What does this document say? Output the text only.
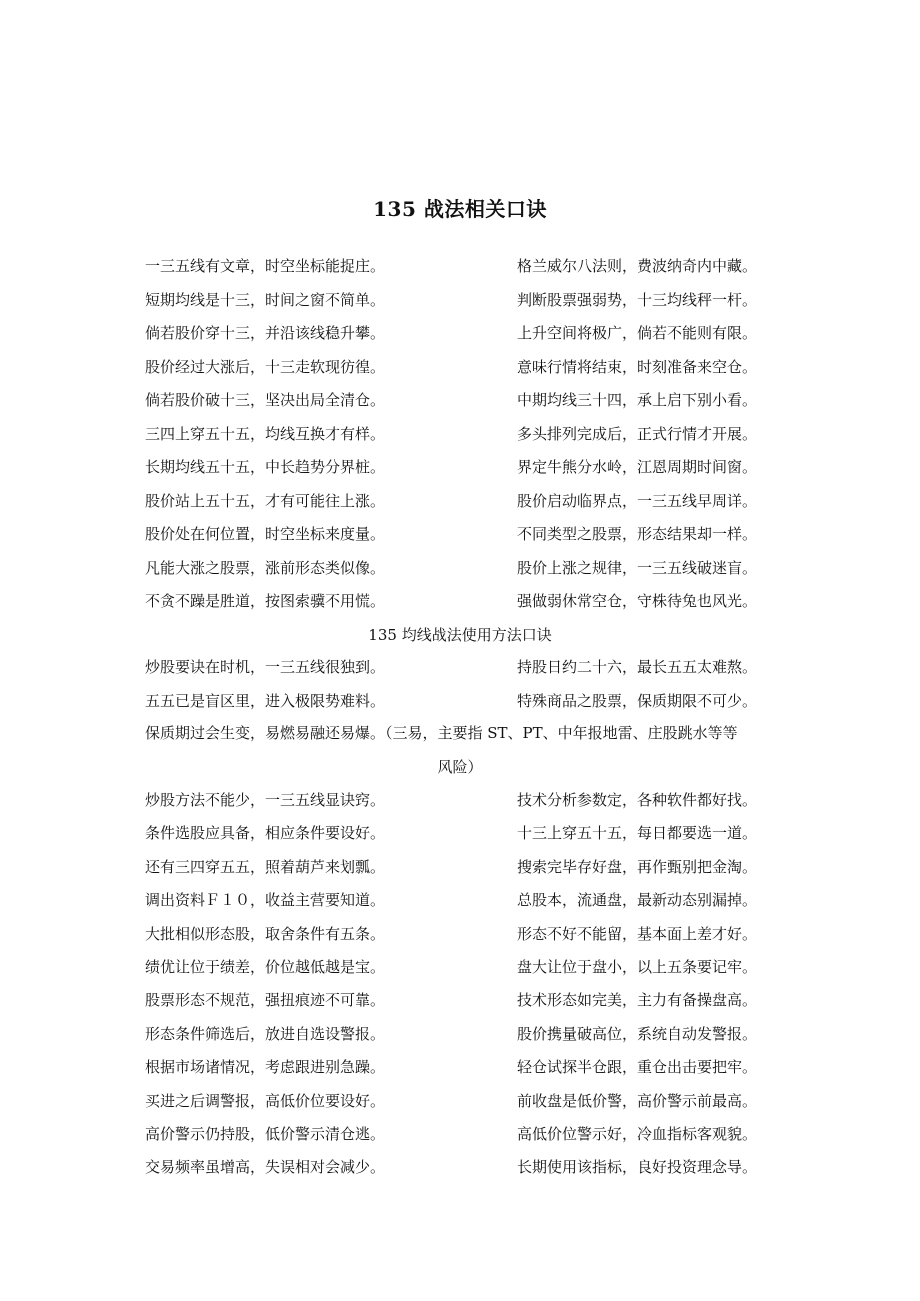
135 战法相关口诀
一三五线有文章，时空坐标能捉庄。	格兰威尔八法则，费波纳奇内中藏。
短期均线是十三，时间之窗不简单。	判断股票强弱势，十三均线秤一杆。
倘若股价穿十三，并沿该线稳升攀。	上升空间将极广，倘若不能则有限。
股价经过大涨后，十三走软现彷徨。	意味行情将结束，时刻准备来空仓。
倘若股价破十三，坚决出局全清仓。	中期均线三十四，承上启下别小看。
三四上穿五十五，均线互换才有样。	多头排列完成后，正式行情才开展。
长期均线五十五，中长趋势分界桩。	界定牛熊分水岭，江恩周期时间窗。
股价站上五十五，才有可能往上涨。	股价启动临界点，一三五线早周详。
股价处在何位置，时空坐标来度量。	不同类型之股票，形态结果却一样。
凡能大涨之股票，涨前形态类似像。	股价上涨之规律，一三五线破迷盲。
不贪不躁是胜道，按图索骥不用慌。	强做弱休常空仓，守株待兔也风光。
135 均线战法使用方法口诀
炒股要诀在时机，一三五线很独到。	持股日约二十六，最长五五太难熬。
五五已是盲区里，进入极限势难料。	特殊商品之股票，保质期限不可少。
保质期过会生变，易燃易融还易爆。（三易，主要指 ST、PT、中年报地雷、庄股跳水等等
风险）
炒股方法不能少，一三五线显诀窍。	技术分析参数定，各种软件都好找。
条件选股应具备，相应条件要设好。	十三上穿五十五，每日都要选一道。
还有三四穿五五，照着葫芦来划瓢。	搜索完毕存好盘，再作甄别把金淘。
调出资料Ｆ１０，收益主营要知道。	总股本，流通盘，最新动态别漏掉。
大批相似形态股，取舍条件有五条。	形态不好不能留，基本面上差才好。
绩优让位于绩差，价位越低越是宝。	盘大让位于盘小，以上五条要记牢。
股票形态不规范，强扭痕迹不可靠。	技术形态如完美，主力有备操盘高。
形态条件筛选后，放进自选设警报。	股价携量破高位，系统自动发警报。
根据市场诸情况，考虑跟进别急躁。	轻仓试探半仓跟，重仓出击要把牢。
买进之后调警报，高低价位要设好。	前收盘是低价警，高价警示前最高。
高价警示仍持股，低价警示清仓逃。	高低价位警示好，冷血指标客观貌。
交易频率虽增高，失误相对会减少。	长期使用该指标，良好投资理念导。
